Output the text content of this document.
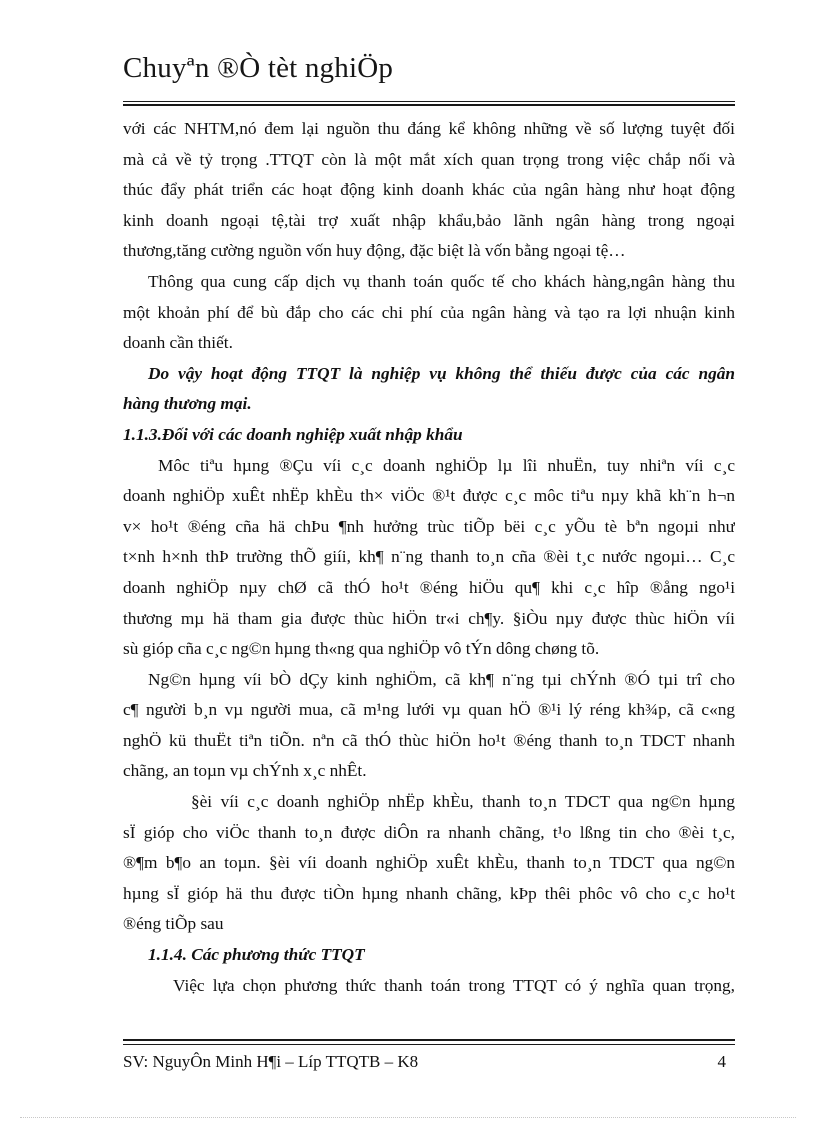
Chuyªn ®Ò tèt nghiÖp
với các NHTM,nó đem lại nguồn thu đáng kể không những về số lượng tuyệt đối
mà cả về tỷ trọng .TTQT còn là một mắt xích quan trọng trong việc chắp nối và
thúc đẩy phát triển các hoạt động kinh doanh khác của ngân hàng như hoạt động
kinh doanh ngoại tệ,tài trợ xuất nhập khẩu,bảo lãnh ngân hàng trong ngoại
thương,tăng cường nguồn vốn huy động, đặc biệt là vốn bằng ngoại tệ…
Thông qua cung cấp dịch vụ thanh toán quốc tế cho khách hàng,ngân hàng thu
một khoản phí để bù đắp cho các chi phí của ngân hàng và tạo ra lợi nhuận kinh
doanh cần thiết.
Do vậy hoạt động TTQT là nghiệp vụ không thể thiếu được của các ngân
hàng thương mại.
1.1.3.Đối với các doanh nghiệp xuất nhập khẩu
Môc tiªu hµng ®Çu víi c¸c doanh nghiÖp lµ lîi nhuËn, tuy nhiªn víi c¸c
doanh nghiÖp xuÊt nhËp khÈu th× viÖc ®¹t được c¸c môc tiªu nµy khã kh¨n h¬n
v× ho¹t ®éng cña hä chÞu ¶nh hưởng trùc tiÕp bëi c¸c yÕu tè bªn ngoµi như
t×nh h×nh thÞ trường thÕ giíi, kh¶ n¨ng thanh to¸n cña ®èi t¸c nước ngoµi… C¸c
doanh nghiÖp nµy chØ cã thÓ ho¹t ®éng hiÖu qu¶ khi c¸c hîp ®ång ngo¹i
thương mµ hä tham gia được thùc hiÖn tr«i ch¶y. §iÒu nµy được thùc hiÖn víi
sù gióp cña c¸c ng©n hµng th«ng qua nghiÖp vô tÝn dông chøng tõ.
Ng©n hµng víi bÒ dÇy kinh nghiÖm, cã kh¶ n¨ng tµi chÝnh ®Ó tµi trî cho
c¶ người b¸n vµ người mua, cã m¹ng lưới vµ quan hÖ ®¹i lý réng kh¾p, cã c«ng
nghÖ kü thuËt tiªn tiÕn. nªn cã thÓ thùc hiÖn ho¹t ®éng thanh to¸n TDCT nhanh
chãng, an toµn vµ chÝnh x¸c nhÊt.
§èi víi c¸c doanh nghiÖp nhËp khÈu, thanh to¸n TDCT qua ng©n hµng
sÏ gióp cho viÖc thanh to¸n được diÔn ra nhanh chãng, t¹o lßng tin cho ®èi t¸c,
®¶m b¶o an toµn. §èi víi doanh nghiÖp xuÊt khÈu, thanh to¸n TDCT qua ng©n
hµng sÏ gióp hä thu được tiÒn hµng nhanh chãng, kÞp thêi phôc vô cho c¸c ho¹t
®éng tiÕp sau
1.1.4. Các phương thức TTQT
Việc lựa chọn phương thức thanh toán trong TTQT có ý nghĩa quan trọng,
SV: NguyÔn Minh H¶i – Líp TTQTB – K8	4
